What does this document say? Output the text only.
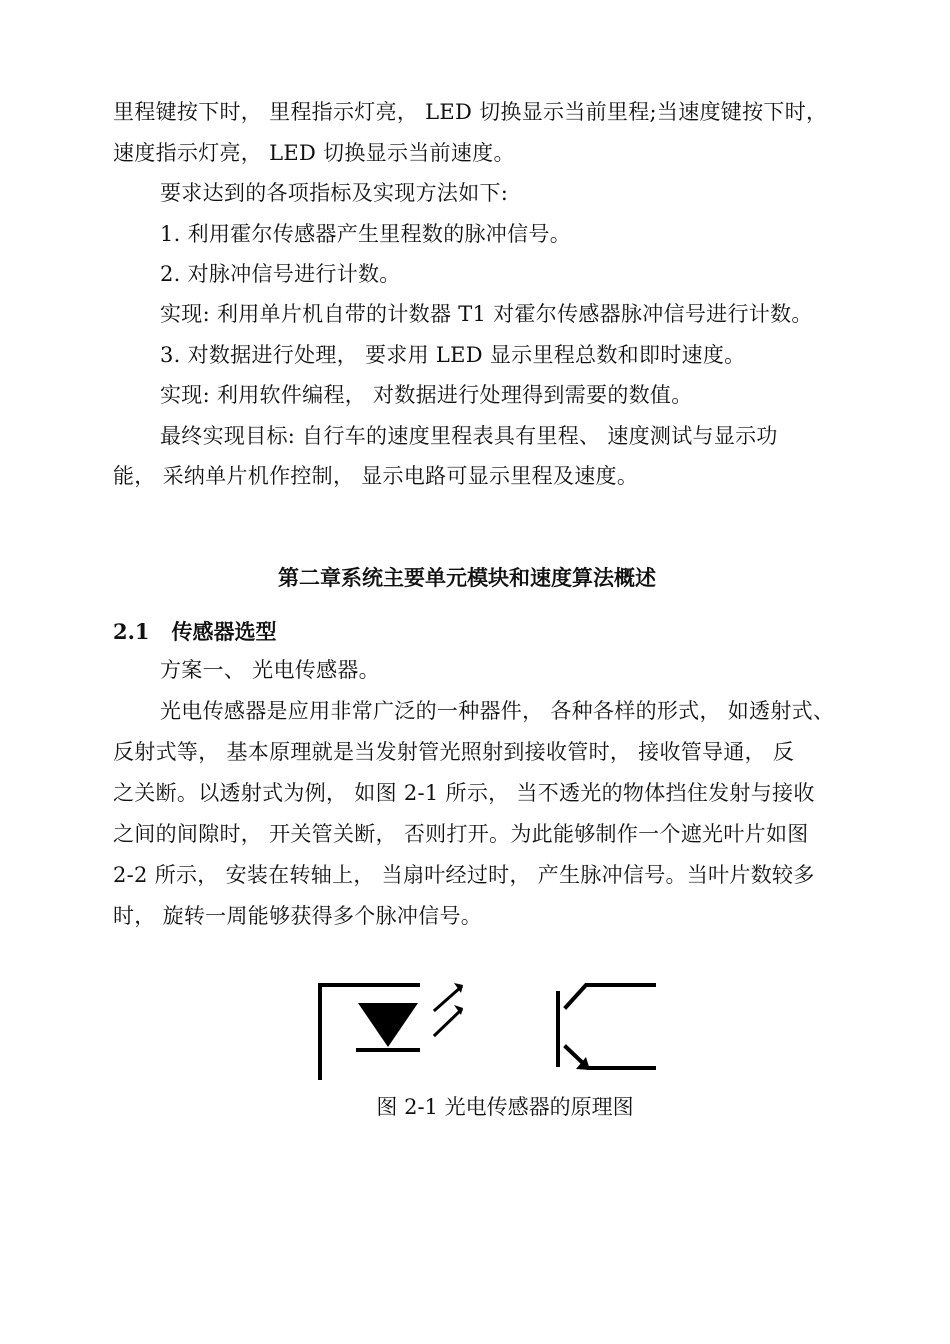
里程键按下时， 里程指示灯亮， LED 切换显示当前里程;当速度键按下时，
速度指示灯亮， LED 切换显示当前速度。
要求达到的各项指标及实现方法如下:
1. 利用霍尔传感器产生里程数的脉冲信号。
2. 对脉冲信号进行计数。
实现: 利用单片机自带的计数器 T1 对霍尔传感器脉冲信号进行计数。
3. 对数据进行处理， 要求用 LED 显示里程总数和即时速度。
实现: 利用软件编程， 对数据进行处理得到需要的数值。
最终实现目标: 自行车的速度里程表具有里程、 速度测试与显示功
能， 采纳单片机作控制， 显示电路可显示里程及速度。
第二章系统主要单元模块和速度算法概述
2.1 传感器选型
方案一、 光电传感器。
光电传感器是应用非常广泛的一种器件， 各种各样的形式， 如透射式、
反射式等， 基本原理就是当发射管光照射到接收管时， 接收管导通， 反
之关断。以透射式为例， 如图 2-1 所示， 当不透光的物体挡住发射与接收
之间的间隙时， 开关管关断， 否则打开。为此能够制作一个遮光叶片如图
2-2 所示， 安装在转轴上， 当扇叶经过时， 产生脉冲信号。当叶片数较多
时， 旋转一周能够获得多个脉冲信号。
图 2-1 光电传感器的原理图
